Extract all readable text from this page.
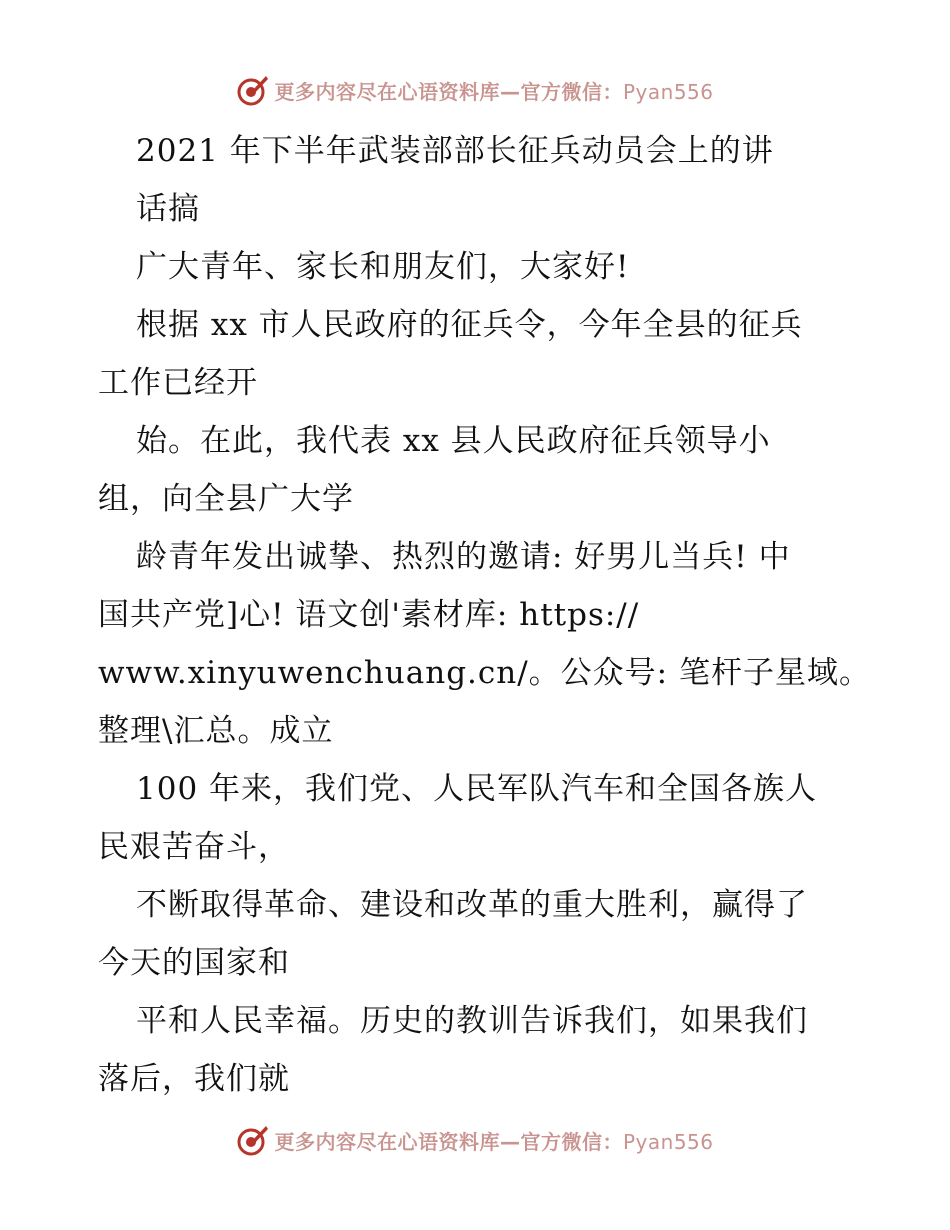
更多内容尽在心语资料库—官方微信：Pyan556
2021 年下半年武装部部长征兵动员会上的讲
话搞
广大青年、家长和朋友们，大家好!
根据 xx 市人民政府的征兵令，今年全县的征兵
工作已经开
始。在此，我代表 xx 县人民政府征兵领导小
组，向全县广大学
龄青年发出诚挚、热烈的邀请: 好男儿当兵! 中
国共产党]心! 语文创'素材库: https://
www.xinyuwenchuang.cn/。公众号: 笔杆子星域。
整理\汇总。成立
100 年来，我们党、人民军队汽车和全国各族人
民艰苦奋斗，
不断取得革命、建设和改革的重大胜利，赢得了
今天的国家和
平和人民幸福。历史的教训告诉我们，如果我们
落后，我们就
更多内容尽在心语资料库—官方微信：Pyan556
